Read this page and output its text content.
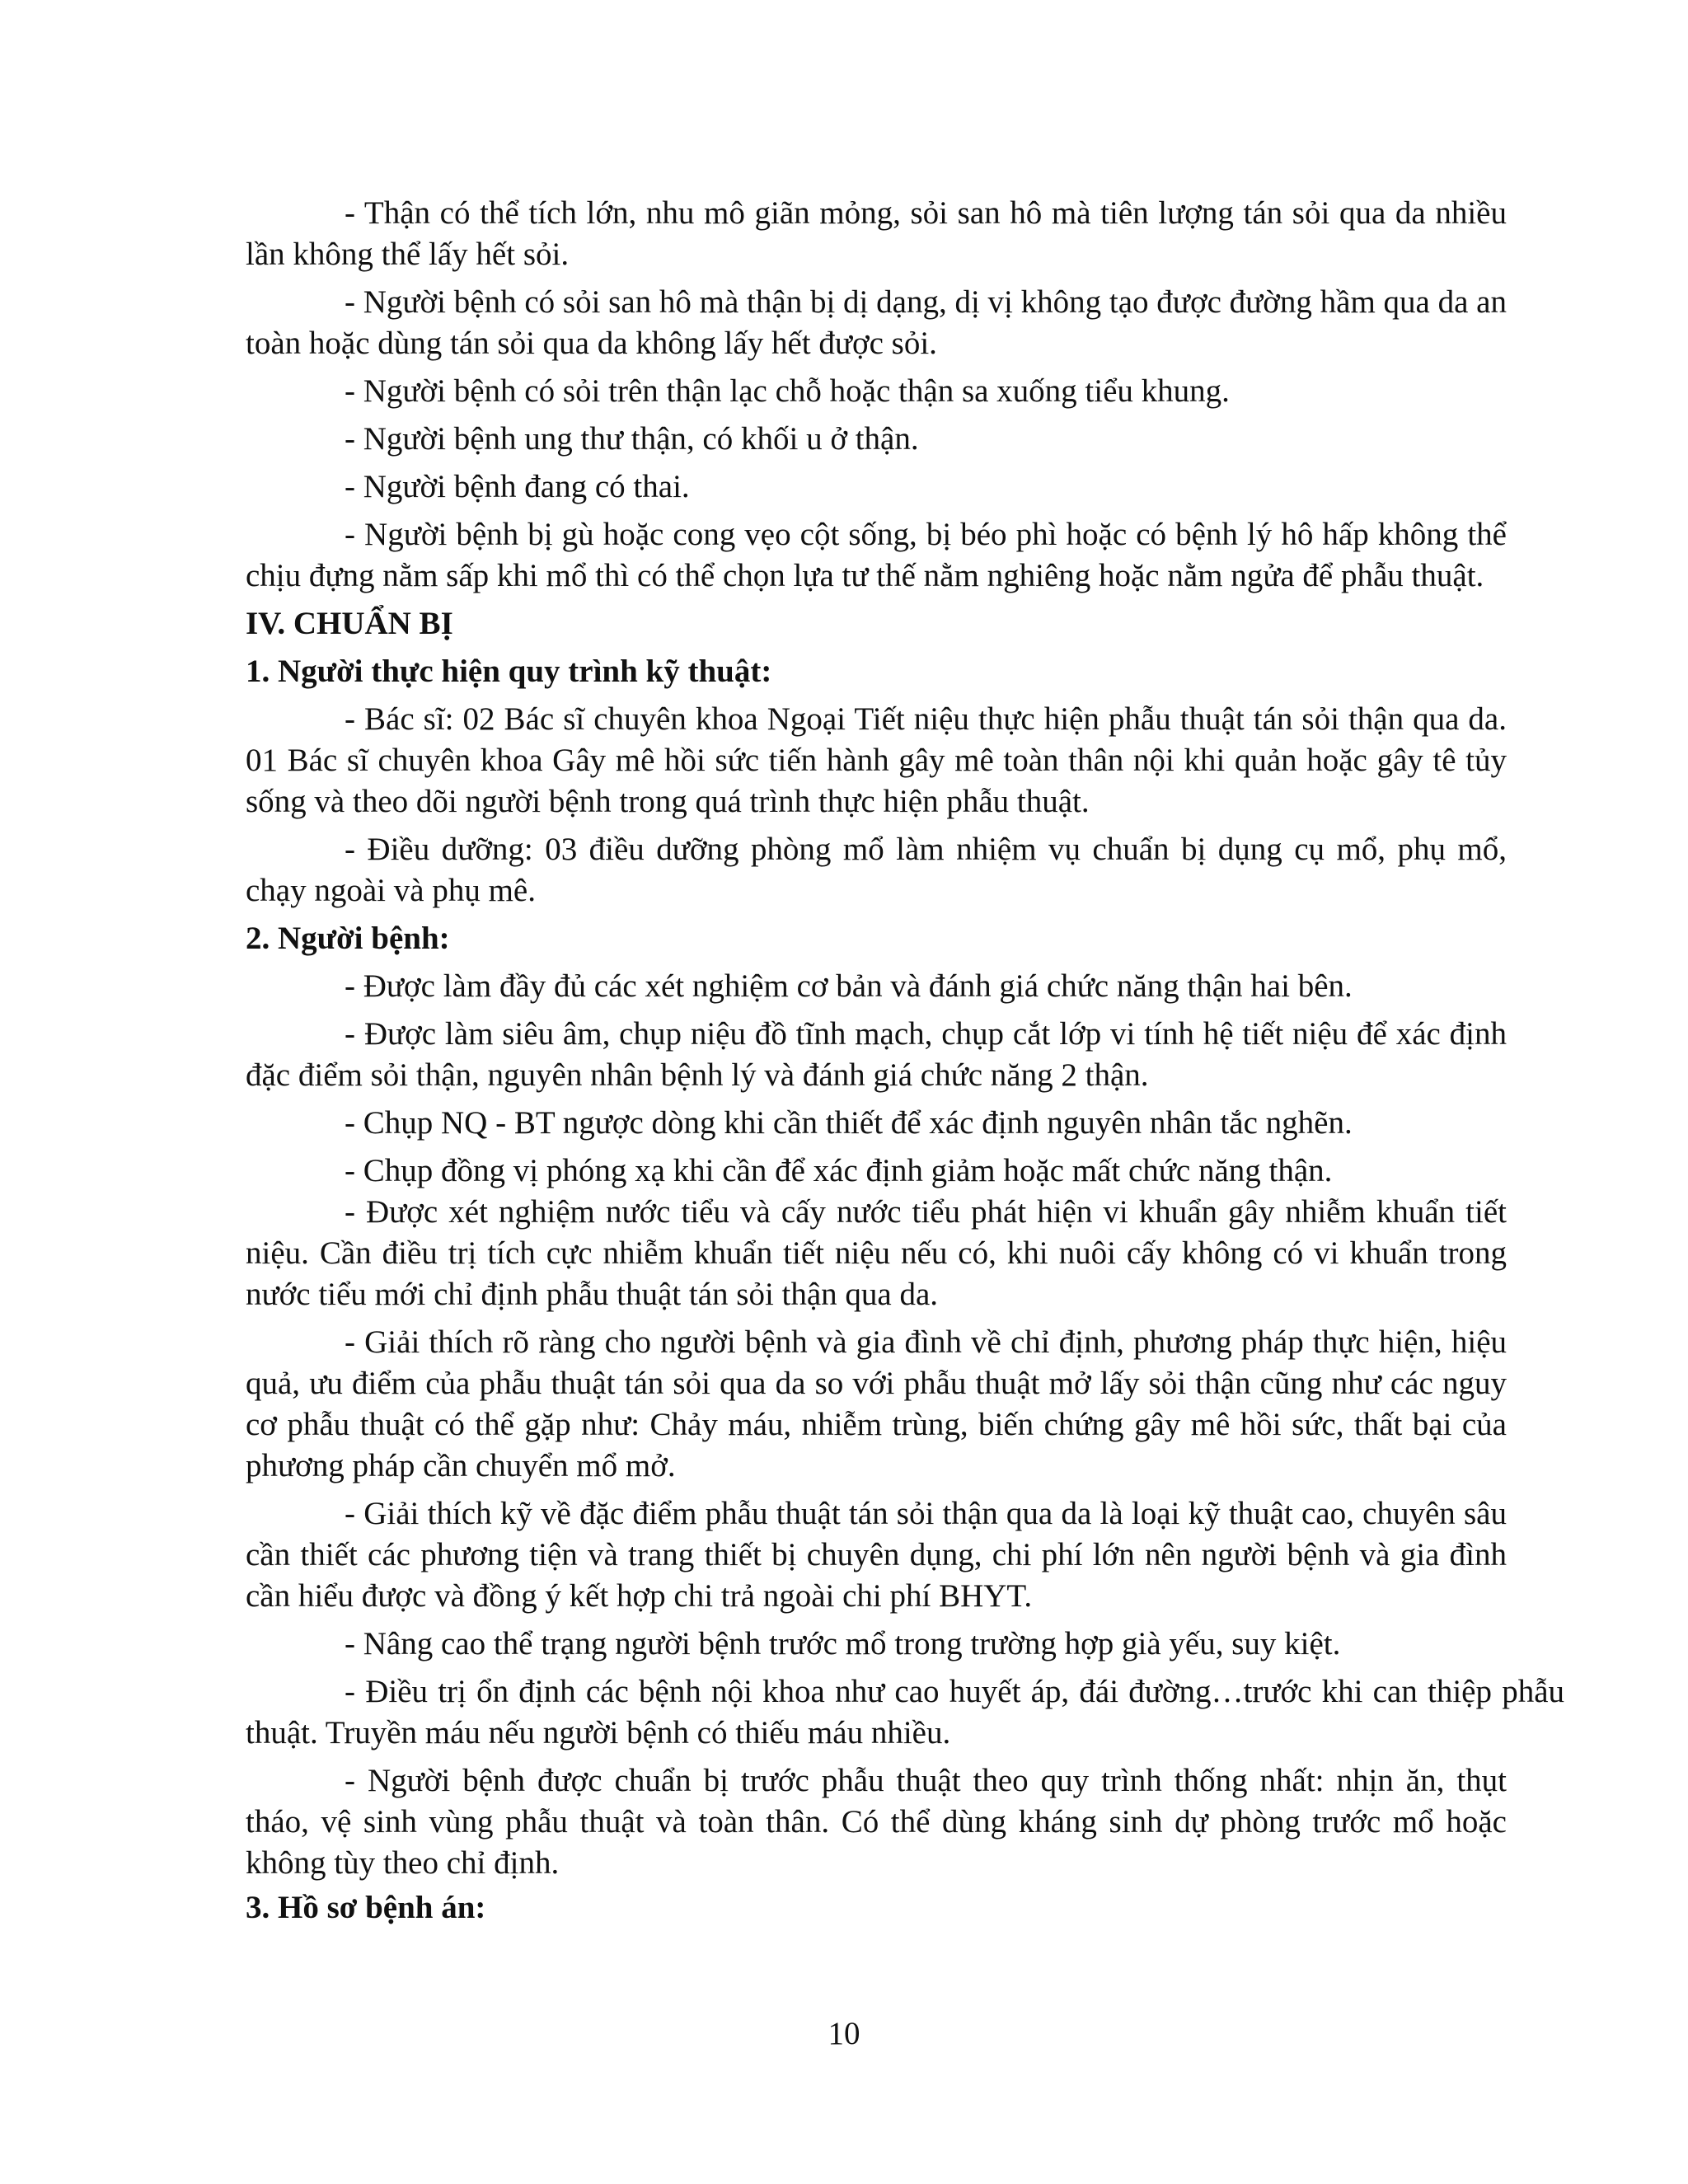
- Thận có thể tích lớn, nhu mô giãn mỏng, sỏi san hô mà tiên lượng tán sỏi qua da nhiều lần không thể lấy hết sỏi.

- Người bệnh có sỏi san hô mà thận bị dị dạng, dị vị không tạo được đường hầm qua da an toàn hoặc dùng tán sỏi qua da không lấy hết được sỏi.

- Người bệnh có sỏi trên thận lạc chỗ hoặc thận sa xuống tiểu khung.

- Người bệnh ung thư thận, có khối u ở thận.

- Người bệnh đang có thai.

- Người bệnh bị gù hoặc cong vẹo cột sống, bị béo phì hoặc có bệnh lý hô hấp không thể chịu đựng nằm sấp khi mổ thì có thể chọn lựa tư thế nằm nghiêng hoặc nằm ngửa để phẫu thuật.

IV. CHUẨN BỊ
1. Người thực hiện quy trình kỹ thuật:

- Bác sĩ: 02 Bác sĩ chuyên khoa Ngoại Tiết niệu thực hiện phẫu thuật tán sỏi thận qua da. 01 Bác sĩ chuyên khoa Gây mê hồi sức tiến hành gây mê toàn thân nội khi quản hoặc gây tê tủy sống và theo dõi người bệnh trong quá trình thực hiện phẫu thuật.

- Điều dưỡng: 03 điều dưỡng phòng mổ làm nhiệm vụ chuẩn bị dụng cụ mổ, phụ mổ, chạy ngoài và phụ mê.

2. Người bệnh:

- Được làm đầy đủ các xét nghiệm cơ bản và đánh giá chức năng thận hai bên.

- Được làm siêu âm, chụp niệu đồ tĩnh mạch, chụp cắt lớp vi tính hệ tiết niệu để xác định đặc điểm sỏi thận, nguyên nhân bệnh lý và đánh giá chức năng 2 thận.

- Chụp NQ - BT ngược dòng khi cần thiết để xác định nguyên nhân tắc nghẽn.

- Chụp đồng vị phóng xạ khi cần để xác định giảm hoặc mất chức năng thận.

- Được xét nghiệm nước tiểu và cấy nước tiểu phát hiện vi khuẩn gây nhiễm khuẩn tiết niệu. Cần điều trị tích cực nhiễm khuẩn tiết niệu nếu có, khi nuôi cấy không có vi khuẩn trong nước tiểu mới chỉ định phẫu thuật tán sỏi thận qua da.

- Giải thích rõ ràng cho người bệnh và gia đình về chỉ định, phương pháp thực hiện, hiệu quả, ưu điểm của phẫu thuật tán sỏi qua da so với phẫu thuật mở lấy sỏi thận cũng như các nguy cơ phẫu thuật có thể gặp như: Chảy máu, nhiễm trùng, biến chứng gây mê hồi sức, thất bại của phương pháp cần chuyển mổ mở.

- Giải thích kỹ về đặc điểm phẫu thuật tán sỏi thận qua da là loại kỹ thuật cao, chuyên sâu cần thiết các phương tiện và trang thiết bị chuyên dụng, chi phí lớn nên người bệnh và gia đình cần hiểu được và đồng ý kết hợp chi trả ngoài chi phí BHYT.

- Nâng cao thể trạng người bệnh trước mổ trong trường hợp già yếu, suy kiệt.

- Điều trị ổn định các bệnh nội khoa như cao huyết áp, đái đường…trước khi can thiệp phẫu thuật. Truyền máu nếu người bệnh có thiếu máu nhiều.

- Người bệnh được chuẩn bị trước phẫu thuật theo quy trình thống nhất: nhịn ăn, thụt tháo, vệ sinh vùng phẫu thuật và toàn thân. Có thể dùng kháng sinh dự phòng trước mổ hoặc không tùy theo chỉ định.

3. Hồ sơ bệnh án:
10
